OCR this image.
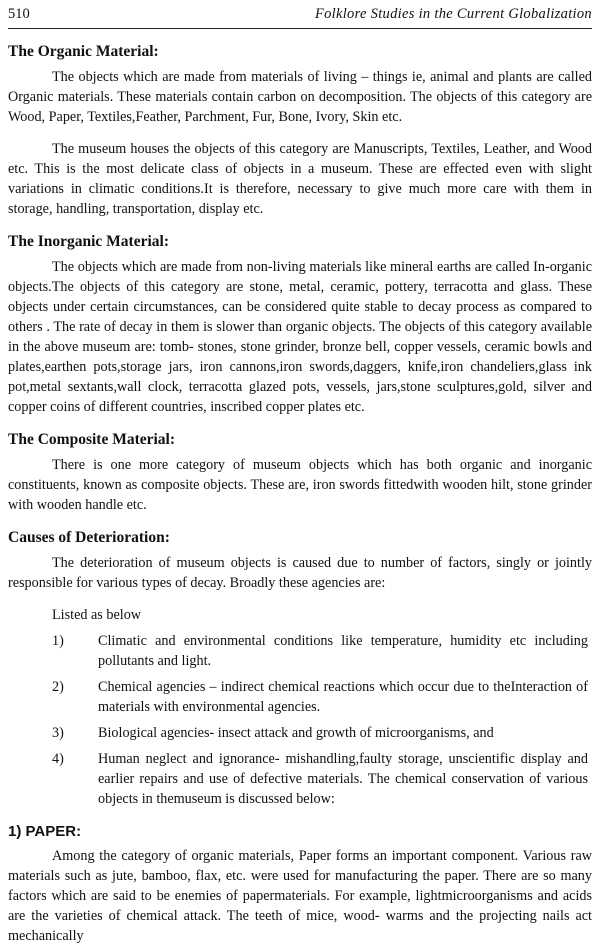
510	Folklore Studies in the Current Globalization
The Organic Material:

The objects which are made from materials of living – things ie, animal and plants are called Organic materials. These materials contain carbon on decomposition. The objects of this category are Wood, Paper, Textiles,Feather, Parchment, Fur, Bone, Ivory, Skin etc.

The museum houses the objects of this category are Manuscripts, Textiles, Leather, and Wood etc. This is the most delicate class of objects in a museum. These are effected even with slight variations in climatic conditions.It is therefore, necessary to give much more care with them in storage, handling, transportation, display etc.

The Inorganic Material:

The objects which are made from non-living materials like mineral earths are called In-organic objects.The objects of this category are stone, metal, ceramic, pottery, terracotta and glass. These objects under certain circumstances, can be considered quite stable to decay process as compared to others . The rate of decay in them is slower than organic objects. The objects of this category available in the above museum are: tomb- stones, stone grinder, bronze bell, copper vessels, ceramic bowls and plates,earthen pots,storage jars, iron cannons,iron swords,daggers, knife,iron chandeliers,glass ink pot,metal sextants,wall clock, terracotta glazed pots, vessels, jars,stone sculptures,gold, silver and copper coins of different countries, inscribed copper plates etc.

The Composite Material:

There is one more category of museum objects which has both organic and inorganic constituents, known as composite objects. These are, iron swords fittedwith wooden hilt, stone grinder with wooden handle etc.

Causes of Deterioration:

The deterioration of museum objects is caused due to number of factors, singly or jointly responsible for various types of decay. Broadly these agencies are:

Listed as below
1)	Climatic and environmental conditions like temperature, humidity etc including pollutants and light.
2)	Chemical agencies – indirect chemical reactions which occur due to theInteraction of materials with environmental agencies.
3)	Biological agencies- insect attack and growth of microorganisms, and
4)	Human neglect and ignorance- mishandling,faulty storage, unscientific display and earlier repairs and use of defective materials. The chemical conservation of various objects in themuseum is discussed below:
1) PAPER:

Among the category of organic materials, Paper forms an important component. Various raw materials such as jute, bamboo, flax, etc. were used for manufacturing the paper. There are so many factors which are said to be enemies of papermaterials. For example, lightmicroorganisms and acids are the varieties of chemical attack. The teeth of mice, wood- warms and the projecting nails act mechanically
